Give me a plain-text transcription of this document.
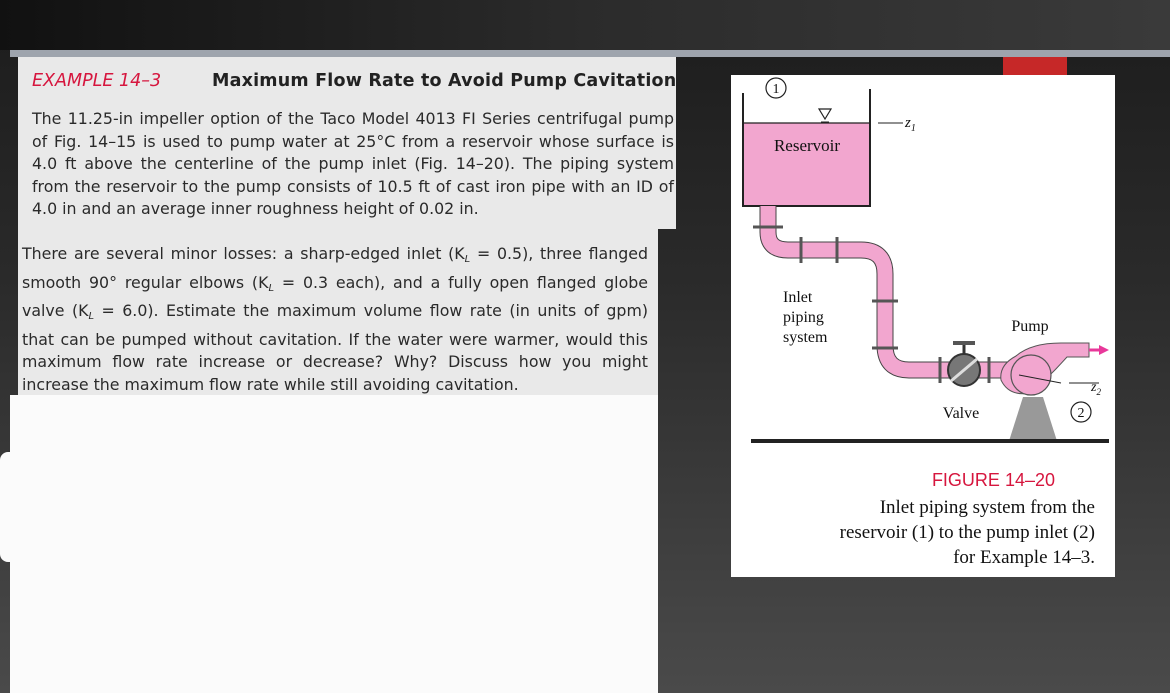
EXAMPLE 14–3	Maximum Flow Rate to Avoid Pump Cavitation
The 11.25-in impeller option of the Taco Model 4013 FI Series centrifugal pump of Fig. 14–15 is used to pump water at 25°C from a reservoir whose surface is 4.0 ft above the centerline of the pump inlet (Fig. 14–20). The piping system from the reservoir to the pump consists of 10.5 ft of cast iron pipe with an ID of 4.0 in and an average inner roughness height of 0.02 in.
There are several minor losses: a sharp-edged inlet $(K_L = 0.5)$, three flanged smooth 90° regular elbows ($K_L = 0.3$ each), and a fully open flanged globe valve $(K_L = 6.0)$. Estimate the maximum volume flow rate (in units of gpm) that can be pumped without cavitation. If the water were warmer, would this maximum flow rate increase or decrease? Why? Discuss how you might increase the maximum flow rate while still avoiding cavitation.
$z_1$
1
Reservoir
Valve
$z_2$
Pump
2
Inlet
piping
system
FIGURE 14–20
Inlet piping system from the
reservoir (1) to the pump inlet (2)
for Example 14–3.
